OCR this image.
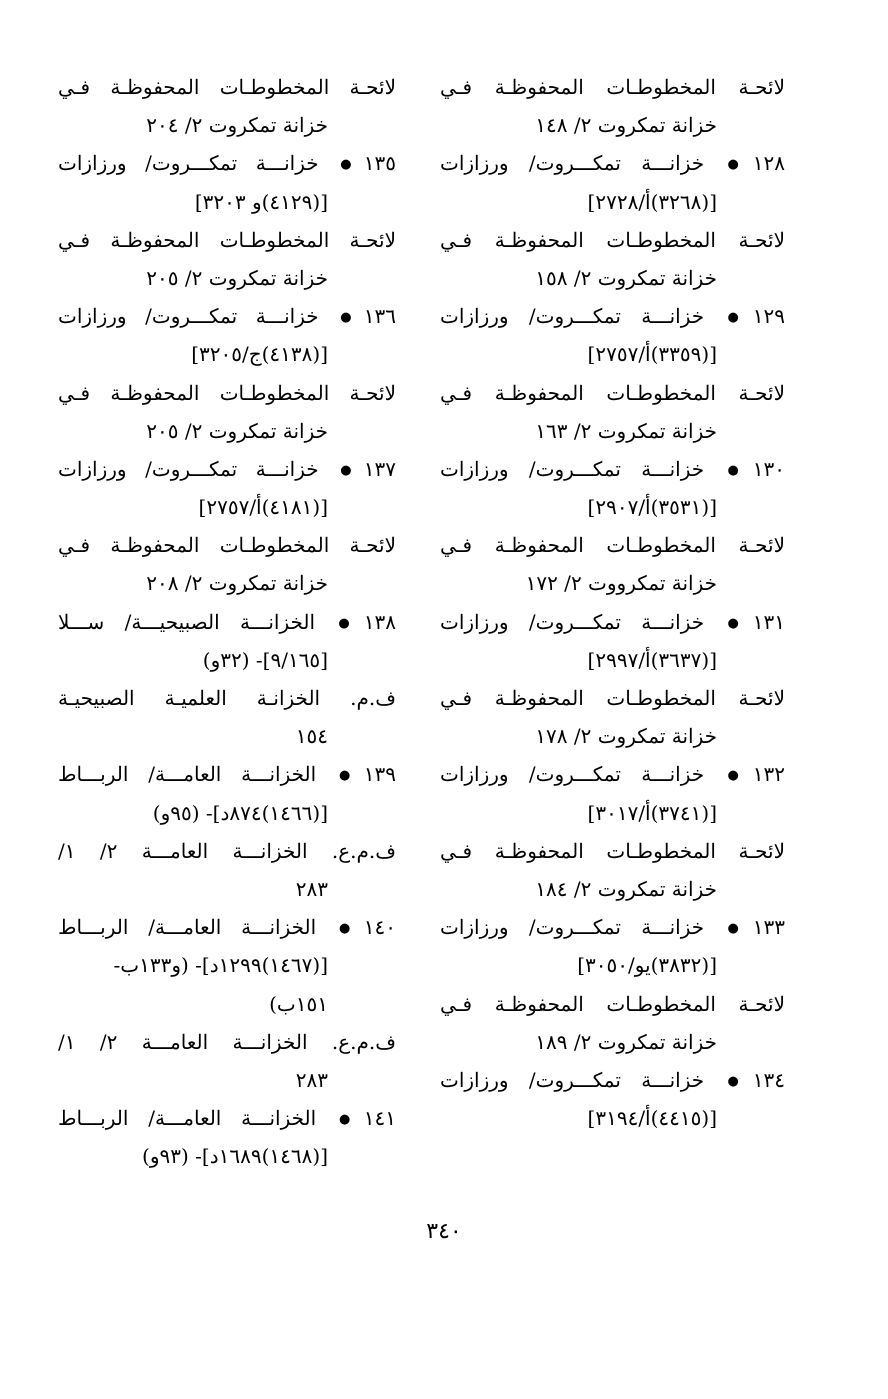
لائحـة المخطوطـات المحفوظـة فـي
خزانة تمكروت ٢/ ١٤٨
١٢٨● خزانـــة تمكـــروت/ ورزازات
[(٣٢٦٨)أ/٢٧٢٨]
لائحـة المخطوطـات المحفوظـة فـي
خزانة تمكروت ٢/ ١٥٨
١٢٩● خزانـــة تمكـــروت/ ورزازات
[(٣٣٥٩)أ/٢٧٥٧]
لائحـة المخطوطـات المحفوظـة فـي
خزانة تمكروت ٢/ ١٦٣
١٣٠● خزانـــة تمكـــروت/ ورزازات
[(٣٥٣١)أ/٢٩٠٧]
لائحـة المخطوطـات المحفوظـة فـي
خزانة تمكرووت ٢/ ١٧٢
١٣١● خزانـــة تمكـــروت/ ورزازات
[(٣٦٣٧)أ/٢٩٩٧]
لائحـة المخطوطـات المحفوظـة فـي
خزانة تمكروت ٢/ ١٧٨
١٣٢● خزانـــة تمكـــروت/ ورزازات
[(٣٧٤١)أ/٣٠١٧]
لائحـة المخطوطـات المحفوظـة فـي
خزانة تمكروت ٢/ ١٨٤
١٣٣● خزانـــة تمكـــروت/ ورزازات
[(٣٨٣٢)يو/٣٠٥٠]
لائحـة المخطوطـات المحفوظـة فـي
خزانة تمكروت ٢/ ١٨٩
١٣٤● خزانـــة تمكـــروت/ ورزازات
[(٤٤١٥)أ/٣١٩٤]
لائحـة المخطوطـات المحفوظـة فـي
خزانة تمكروت ٢/ ٢٠٤
١٣٥● خزانـــة تمكـــروت/ ورزازات
[(٤١٢٩)و ٣٢٠٣]
لائحـة المخطوطـات المحفوظـة فـي
خزانة تمكروت ٢/ ٢٠٥
١٣٦● خزانـــة تمكـــروت/ ورزازات
[(٤١٣٨)ج/٣٢٠٥]
لائحـة المخطوطـات المحفوظـة فـي
خزانة تمكروت ٢/ ٢٠٥
١٣٧● خزانـــة تمكـــروت/ ورزازات
[(٤١٨١)أ/٢٧٥٧]
لائحـة المخطوطـات المحفوظـة فـي
خزانة تمكروت ٢/ ٢٠٨
١٣٨● الخزانـــة الصبيحيـــة/ ســـلا
[٩/١٦٥]- (٣٢و)
ف.م. الخزانـة العلميـة الصبيحيـة
١٥٤
١٣٩● الخزانـــة العامـــة/ الربـــاط
[(١٤٦٦)٨٧٤د]- (٩٥و)
ف.م.ع. الخزانـــة العامـــة ٢/ ١/
٢٨٣
١٤٠● الخزانـــة العامـــة/ الربـــاط
[(١٤٦٧)١٢٩٩د]- (و١٣٣ب-
١٥١ب)
ف.م.ع. الخزانـــة العامـــة ٢/ ١/
٢٨٣
١٤١● الخزانـــة العامـــة/ الربـــاط
[(١٤٦٨)١٦٨٩د]- (٩٣و)
٣٤٠
